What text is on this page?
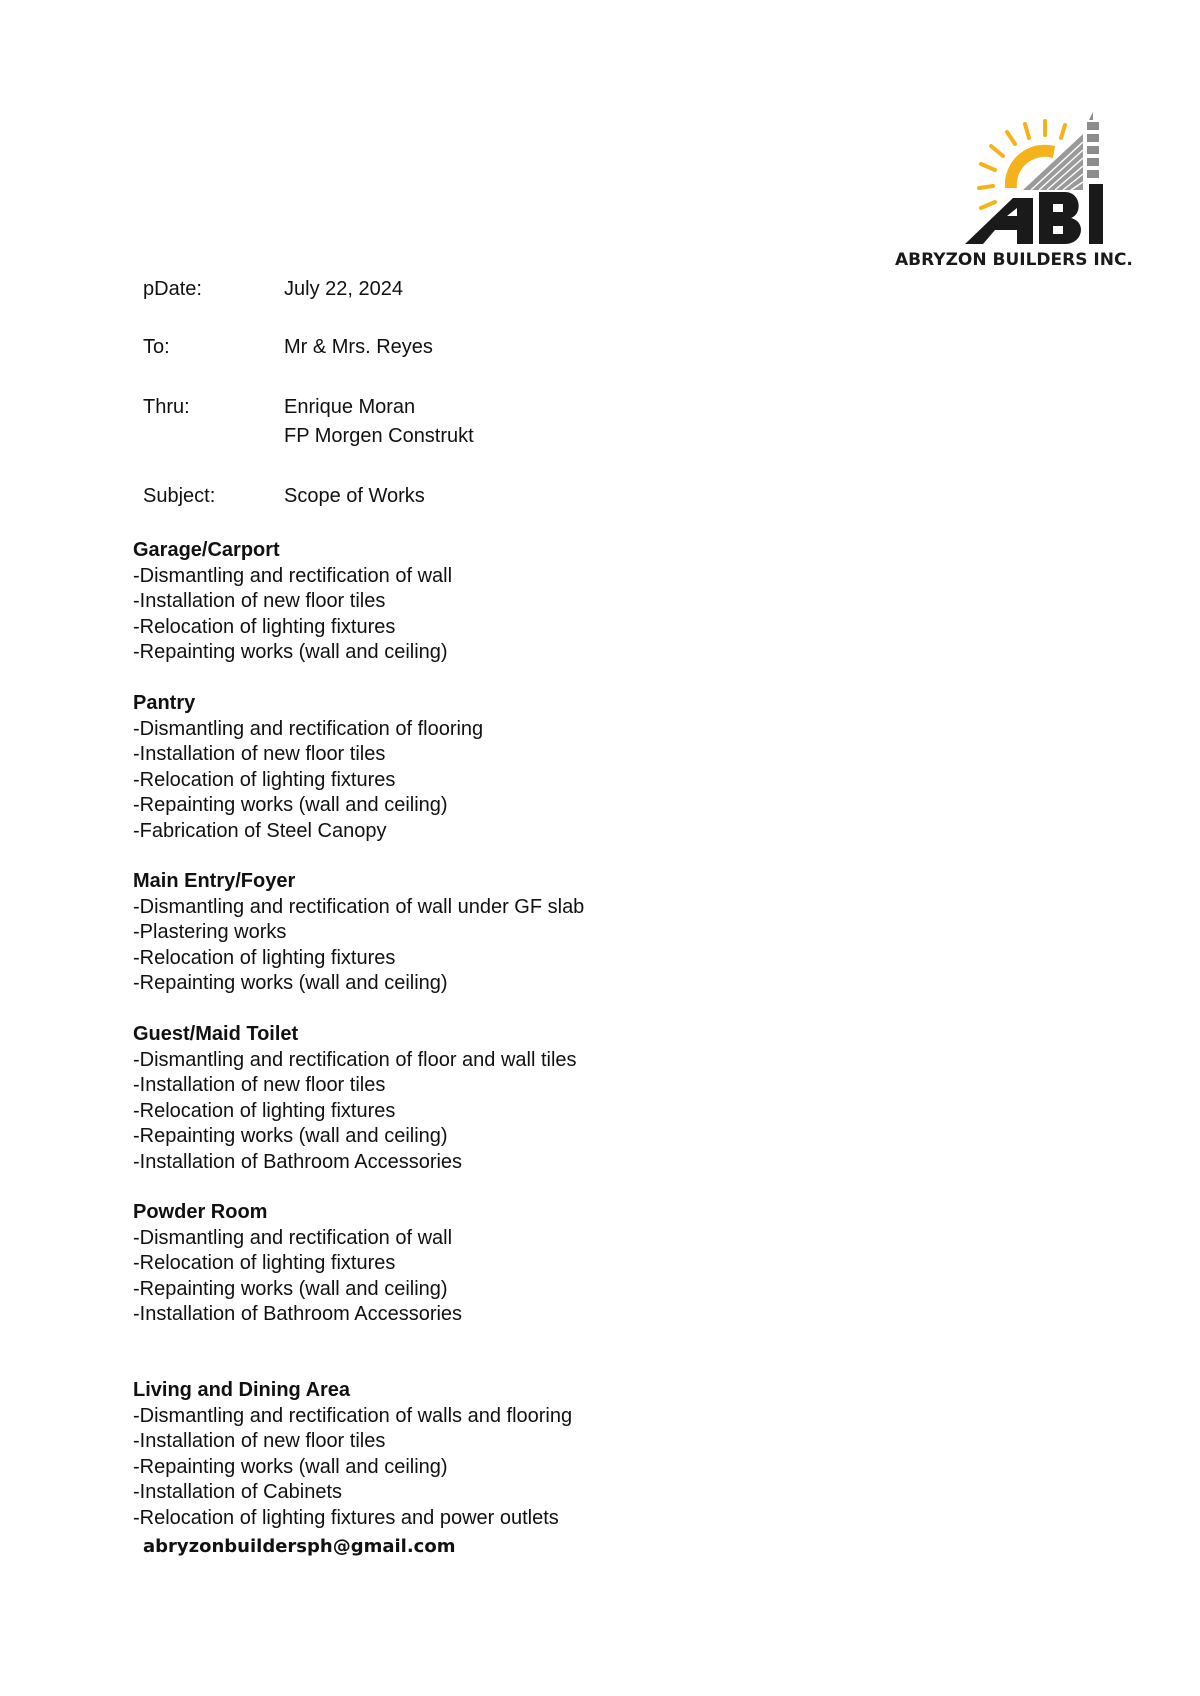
ABRYZON BUILDERS INC.
pDate:	July 22, 2024
To:	Mr & Mrs. Reyes
Thru:	Enrique Moran
FP Morgen Construkt
Subject:	Scope of Works
Garage/Carport
-Dismantling and rectification of wall
-Installation of new floor tiles
-Relocation of lighting fixtures
-Repainting works (wall and ceiling)
Pantry
-Dismantling and rectification of flooring
-Installation of new floor tiles
-Relocation of lighting fixtures
-Repainting works (wall and ceiling)
-Fabrication of Steel Canopy
Main Entry/Foyer
-Dismantling and rectification of wall under GF slab
-Plastering works
-Relocation of lighting fixtures
-Repainting works (wall and ceiling)
Guest/Maid Toilet
-Dismantling and rectification of floor and wall tiles
-Installation of new floor tiles
-Relocation of lighting fixtures
-Repainting works (wall and ceiling)
-Installation of Bathroom Accessories
Powder Room
-Dismantling and rectification of wall
-Relocation of lighting fixtures
-Repainting works (wall and ceiling)
-Installation of Bathroom Accessories
Living and Dining Area
-Dismantling and rectification of walls and flooring
-Installation of new floor tiles
-Repainting works (wall and ceiling)
-Installation of Cabinets
-Relocation of lighting fixtures and power outlets
abryzonbuildersph@gmail.com
